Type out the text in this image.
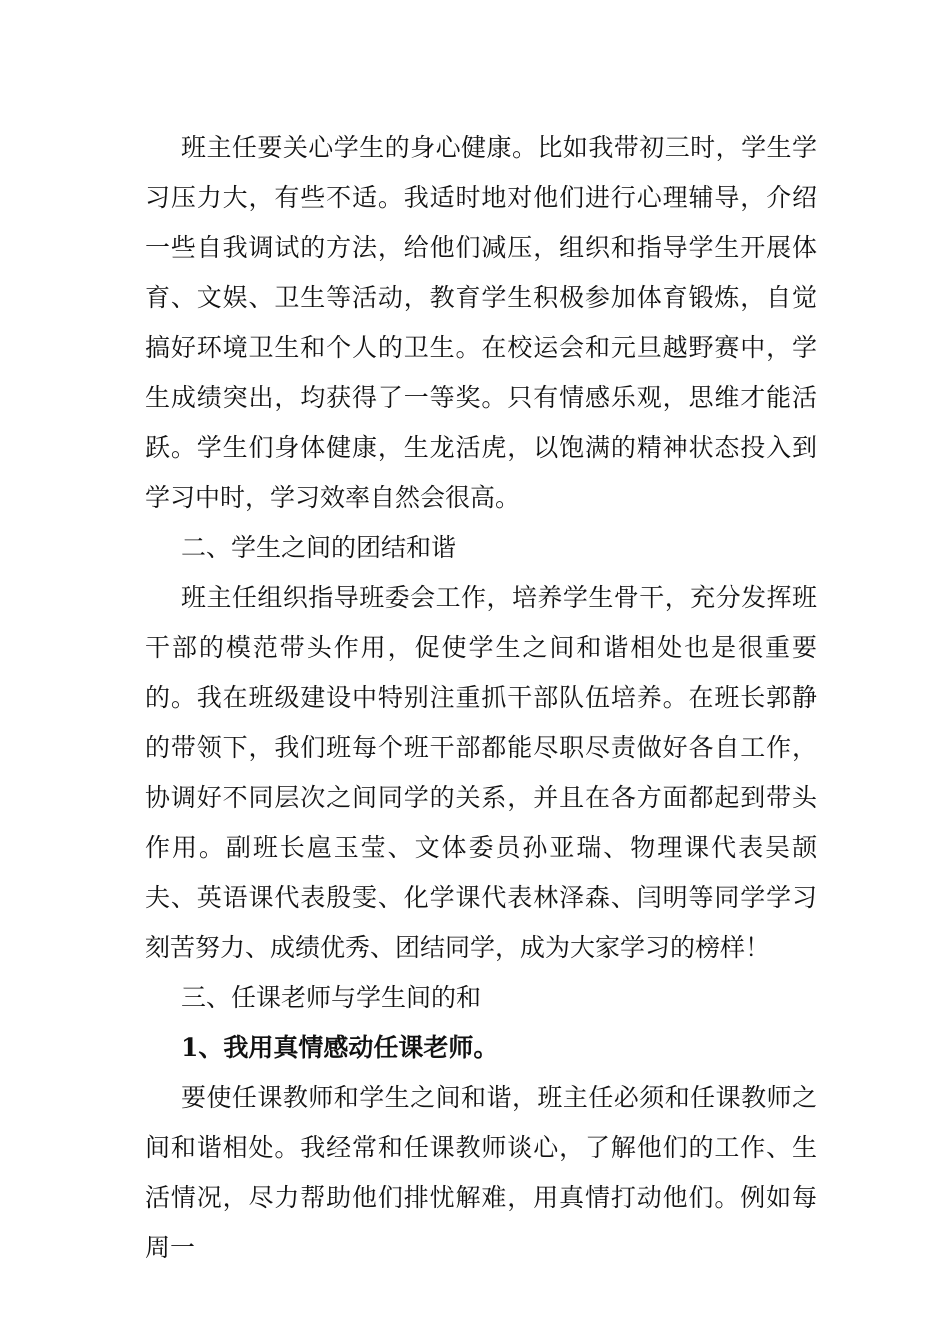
班主任要关心学生的身心健康。比如我带初三时，学生学习压力大，有些不适。我适时地对他们进行心理辅导，介绍一些自我调试的方法，给他们减压，组织和指导学生开展体育、文娱、卫生等活动，教育学生积极参加体育锻炼，自觉搞好环境卫生和个人的卫生。在校运会和元旦越野赛中，学生成绩突出，均获得了一等奖。只有情感乐观，思维才能活跃。学生们身体健康，生龙活虎，以饱满的精神状态投入到学习中时，学习效率自然会很高。

二、学生之间的团结和谐

班主任组织指导班委会工作，培养学生骨干，充分发挥班干部的模范带头作用，促使学生之间和谐相处也是很重要的。我在班级建设中特别注重抓干部队伍培养。在班长郭静的带领下，我们班每个班干部都能尽职尽责做好各自工作，协调好不同层次之间同学的关系，并且在各方面都起到带头作用。副班长扈玉莹、文体委员孙亚瑞、物理课代表吴颉夫、英语课代表殷雯、化学课代表林泽森、闫明等同学学习刻苦努力、成绩优秀、团结同学，成为大家学习的榜样！

三、任课老师与学生间的和

1、我用真情感动任课老师。

要使任课教师和学生之间和谐，班主任必须和任课教师之间和谐相处。我经常和任课教师谈心，了解他们的工作、生活情况，尽力帮助他们排忧解难，用真情打动他们。例如每周一
